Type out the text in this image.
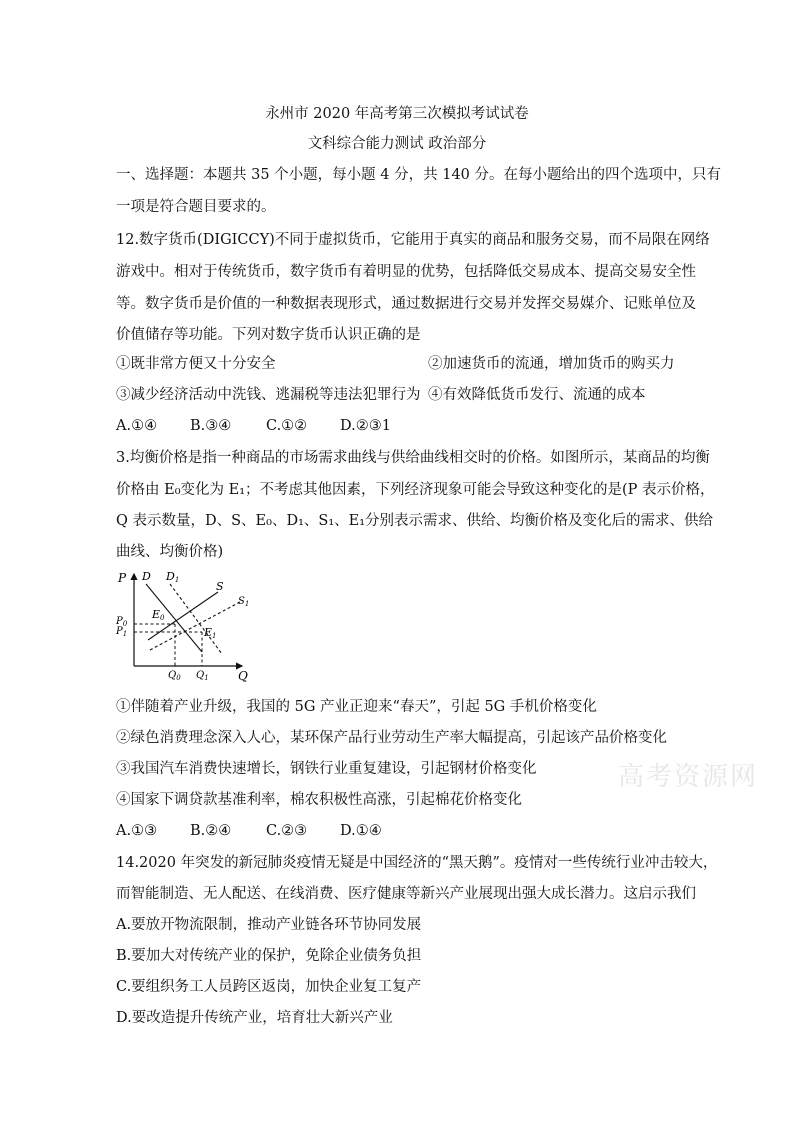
永州市 2020 年高考第三次模拟考试试卷
文科综合能力测试 政治部分
一、选择题：本题共 35 个小题，每小题 4 分，共 140 分。在每小题给出的四个选项中，只有
一项是符合题目要求的。
12.数字货币(DIGICCY)不同于虚拟货币，它能用于真实的商品和服务交易，而不局限在网络
游戏中。相对于传统货币，数字货币有着明显的优势，包括降低交易成本、提高交易安全性
等。数字货币是价值的一种数据表现形式，通过数据进行交易并发挥交易媒介、记账单位及
价值储存等功能。下列对数字货币认识正确的是
①既非常方便又十分安全	②加速货币的流通，增加货币的购买力
③减少经济活动中洗钱、逃漏税等违法犯罪行为 ④有效降低货币发行、流通的成本
A.①④ B.③④ C.①② D.②③1
3.均衡价格是指一种商品的市场需求曲线与供给曲线相交时的价格。如图所示，某商品的均衡
价格由 E₀变化为 E₁；不考虑其他因素，下列经济现象可能会导致这种变化的是(P 表示价格，
Q 表示数量，D、S、E₀、D₁、S₁、E₁分别表示需求、供给、均衡价格及变化后的需求、供给
曲线、均衡价格)
P
Q
D D1	S
$S_1$
E0
E1
$P_0$
$P_1$
$Q_0$ $Q_1$
①伴随着产业升级，我国的 5G 产业正迎来“春天”，引起 5G 手机价格变化
②绿色消费理念深入人心，某环保产品行业劳动生产率大幅提高，引起该产品价格变化
③我国汽车消费快速增长，钢铁行业重复建设，引起钢材价格变化
④国家下调贷款基准利率，棉农积极性高涨，引起棉花价格变化
A.①③ B.②④ C.②③ D.①④
高考资源网
14.2020 年突发的新冠肺炎疫情无疑是中国经济的“黑天鹅”。疫情对一些传统行业冲击较大，
而智能制造、无人配送、在线消费、医疗健康等新兴产业展现出强大成长潜力。这启示我们
A.要放开物流限制，推动产业链各环节协同发展
B.要加大对传统产业的保护，免除企业债务负担
C.要组织务工人员跨区返岗，加快企业复工复产
D.要改造提升传统产业，培育壮大新兴产业
